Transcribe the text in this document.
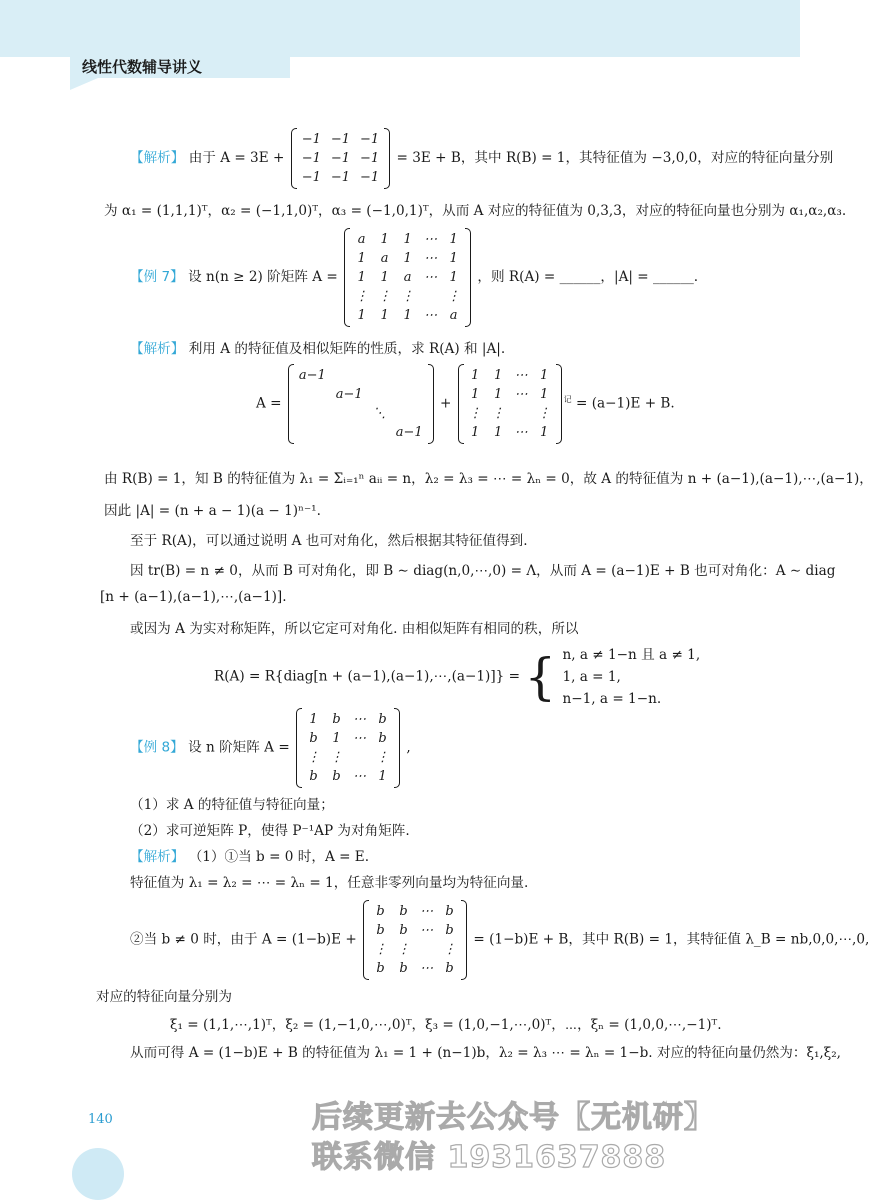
线性代数辅导讲义
【解析】 由于 A = 3E +
−1	−1	−1
−1	−1	−1
−1	−1	−1
= 3E + B，其中 R(B) = 1，其特征值为 −3,0,0，对应的特征向量分别
为 α₁ = (1,1,1)ᵀ，α₂ = (−1,1,0)ᵀ，α₃ = (−1,0,1)ᵀ，从而 A 对应的特征值为 0,3,3，对应的特征向量也分别为 α₁,α₂,α₃.
【例 7】 设 n(n ≥ 2) 阶矩阵 A =
a	1	1	⋯	1
1	a	1	⋯	1
1	1	a	⋯	1
⋮	⋮	⋮		⋮
1	1	1	⋯	a
，则 R(A) = ______，|A| = ______.
【解析】 利用 A 的特征值及相似矩阵的性质，求 R(A) 和 |A|.
A =
a−1			
	a−1		
		⋱	
			a−1
+
1	1	⋯	1
1	1	⋯	1
⋮	⋮		⋮
1	1	⋯	1
$^记$ = (a−1)E + B.
由 R(B) = 1，知 B 的特征值为 λ₁ = Σᵢ₌₁ⁿ aᵢᵢ = n，λ₂ = λ₃ = ⋯ = λₙ = 0，故 A 的特征值为 n + (a−1),(a−1),⋯,(a−1)，
因此 |A| = (n + a − 1)(a − 1)ⁿ⁻¹.
至于 R(A)，可以通过说明 A 也可对角化，然后根据其特征值得到.
因 tr(B) = n ≠ 0，从而 B 可对角化，即 B ∼ diag(n,0,⋯,0) = Λ，从而 A = (a−1)E + B 也可对角化：A ∼ diag
[n + (a−1),(a−1),⋯,(a−1)].
或因为 A 为实对称矩阵，所以它定可对角化. 由相似矩阵有相同的秩，所以
R(A) = R{diag[n + (a−1),(a−1),⋯,(a−1)]} = { n, a ≠ 1−n 且 a ≠ 1,
1, a = 1,
n−1, a = 1−n.
【例 8】 设 n 阶矩阵 A =
1	b	⋯	b
b	1	⋯	b
⋮	⋮		⋮
b	b	⋯	1
,
（1）求 A 的特征值与特征向量；
（2）求可逆矩阵 P，使得 P⁻¹AP 为对角矩阵.
【解析】 （1）①当 b = 0 时，A = E.
特征值为 λ₁ = λ₂ = ⋯ = λₙ = 1，任意非零列向量均为特征向量.
②当 b ≠ 0 时，由于 A = (1−b)E +
b	b	⋯	b
b	b	⋯	b
⋮	⋮		⋮
b	b	⋯	b
= (1−b)E + B，其中 R(B) = 1，其特征值 λ_B = nb,0,0,⋯,0,
对应的特征向量分别为
ξ₁ = (1,1,⋯,1)ᵀ，ξ₂ = (1,−1,0,⋯,0)ᵀ，ξ₃ = (1,0,−1,⋯,0)ᵀ，⋯，ξₙ = (1,0,0,⋯,−1)ᵀ.
从而可得 A = (1−b)E + B 的特征值为 λ₁ = 1 + (n−1)b，λ₂ = λ₃ ⋯ = λₙ = 1−b. 对应的特征向量仍然为：ξ₁,ξ₂,
140	后续更新去公众号【无机研】
联系微信 19316378​88
